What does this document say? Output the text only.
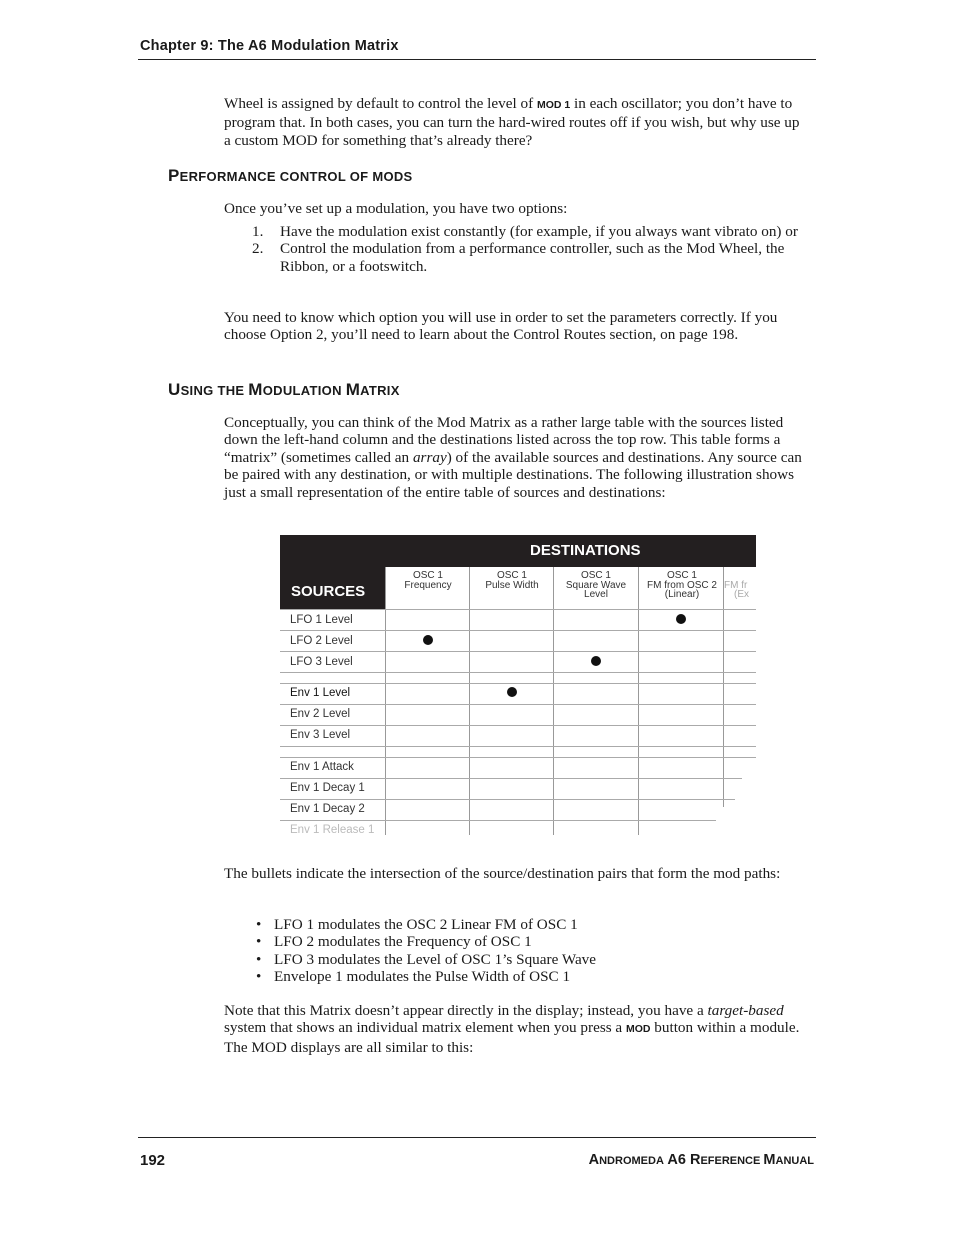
Chapter 9: The A6 Modulation Matrix

Wheel is assigned by default to control the level of MOD 1 in each oscillator; you don’t have to program that. In both cases, you can turn the hard-wired routes off if you wish, but why use up a custom MOD for something that’s already there?

PERFORMANCE CONTROL OF MODS

Once you’ve set up a modulation, you have two options:

1. Have the modulation exist constantly (for example, if you always want vibrato on) or
2. Control the modulation from a performance controller, such as the Mod Wheel, the Ribbon, or a footswitch.

You need to know which option you will use in order to set the parameters correctly. If you choose Option 2, you’ll need to learn about the Control Routes section, on page 198.

USING THE MODULATION MATRIX

Conceptually, you can think of the Mod Matrix as a rather large table with the sources listed down the left-hand column and the destinations listed across the top row. This table forms a “matrix” (sometimes called an array) of the available sources and destinations. Any source can be paired with any destination, or with multiple destinations. The following illustration shows just a small representation of the entire table of sources and destinations:

DESTINATIONS
SOURCES
OSC 1
Frequency
OSC 1
Pulse Width
OSC 1
Square Wave
Level
OSC 1
FM from OSC 2
(Linear)
FM fr
(Ex
LFO 1 Level
LFO 2 Level
LFO 3 Level
Env 1 Level
Env 2 Level
Env 3 Level
Env 1 Attack
Env 1 Decay 1
Env 1 Decay 2
Env 1 Release 1

The bullets indicate the intersection of the source/destination pairs that form the mod paths:

• LFO 1 modulates the OSC 2 Linear FM of OSC 1
• LFO 2 modulates the Frequency of OSC 1
• LFO 3 modulates the Level of OSC 1’s Square Wave
• Envelope 1 modulates the Pulse Width of OSC 1

Note that this Matrix doesn’t appear directly in the display; instead, you have a target-based system that shows an individual matrix element when you press a MOD button within a module. The MOD displays are all similar to this:

192	ANDROMEDA A6 REFERENCE MANUAL
